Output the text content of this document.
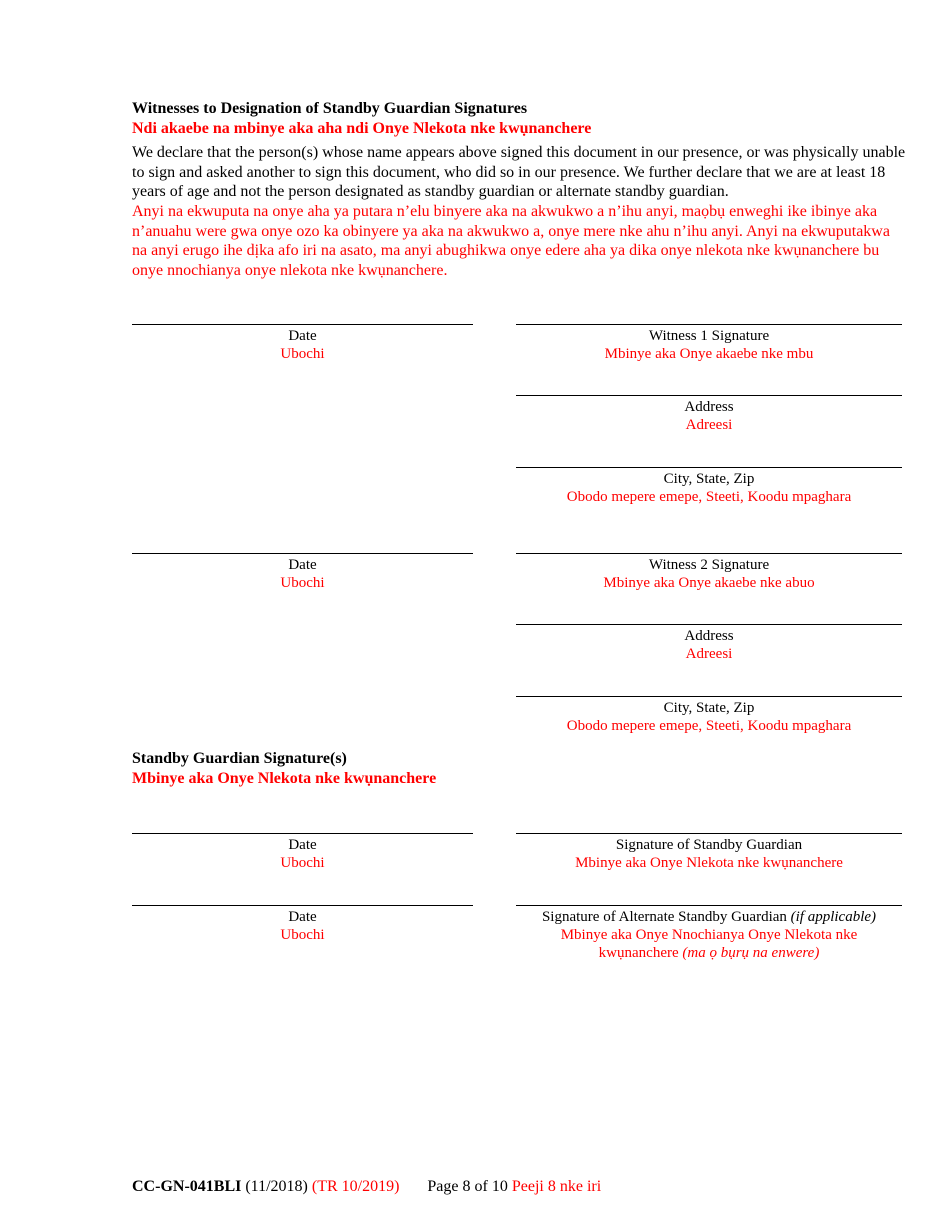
Witnesses to Designation of Standby Guardian Signatures
Ndi akaebe na mbinye aka aha ndi Onye Nlekota nke kwụnanchere
We declare that the person(s) whose name appears above signed this document in our presence, or was physically unable to sign and asked another to sign this document, who did so in our presence. We further declare that we are at least 18 years of age and not the person designated as standby guardian or alternate standby guardian.
Anyi na ekwuputa na onye aha ya putara n’elu binyere aka na akwukwo a n’ihu anyi, maọbụ enweghi ike ibinye aka n’anuahu were gwa onye ozo ka obinyere ya aka na akwukwo a, onye mere nke ahu n’ihu anyi. Anyi na ekwuputakwa na anyi erugo ihe dịka afo iri na asato, ma anyi abughikwa onye edere aha ya dika onye nlekota nke kwụnanchere bu onye nnochianya onye nlekota nke kwụnanchere.
Date
Ubochi
Witness 1 Signature
Mbinye aka Onye akaebe nke mbu
Address
Adreesi
City, State, Zip
Obodo mepere emepe, Steeti, Koodu mpaghara
Date
Ubochi
Witness 2 Signature
Mbinye aka Onye akaebe nke abuo
Address
Adreesi
City, State, Zip
Obodo mepere emepe, Steeti, Koodu mpaghara
Standby Guardian Signature(s)
Mbinye aka Onye Nlekota nke kwụnanchere
Date
Ubochi
Signature of Standby Guardian
Mbinye aka Onye Nlekota nke kwụnanchere
Date
Ubochi
Signature of Alternate Standby Guardian (if applicable)
Mbinye aka Onye Nnochianya Onye Nlekota nke kwụnanchere (ma ọ bụrụ na enwere)
CC-GN-041BLI (11/2018) (TR 10/2019) Page 8 of 10 Peeji 8 nke iri
